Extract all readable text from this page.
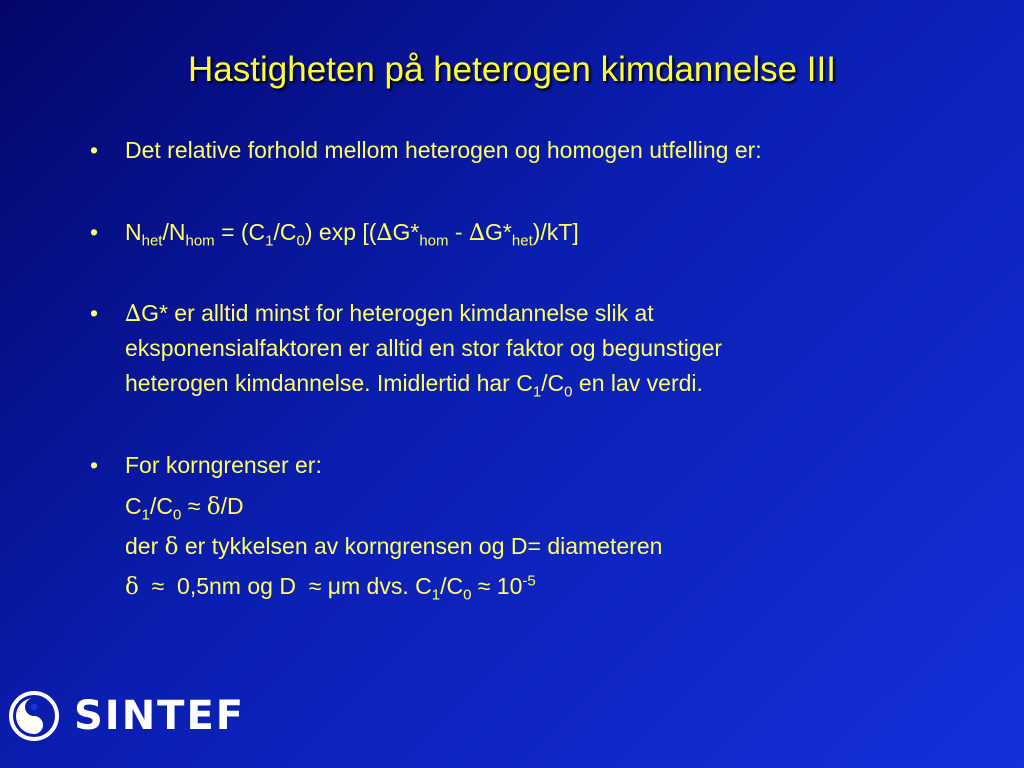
Hastigheten på heterogen kimdannelse III
• Det relative forhold mellom heterogen og homogen utfelling er:
• $N_{het}/N_{hom} = (C_1/C_0)$ $\exp [(\Delta G*_{hom} - \Delta G*_{het})/kT]$
• ∆G* er alltid minst for heterogen kimdannelse slik at
eksponensialfaktoren er alltid en stor faktor og begunstiger
heterogen kimdannelse. Imidlertid har $C_1/C_0$ en lav verdi.
• For korngrenser er:
$C_1/C_0 \approx \delta/D$
der δ er tykkelsen av korngrensen og D= diameteren
δ  ≈  0,5nm og D  ≈ μm dvs. $C_1/C_0 \approx 10^{-5}$
SINTEF
